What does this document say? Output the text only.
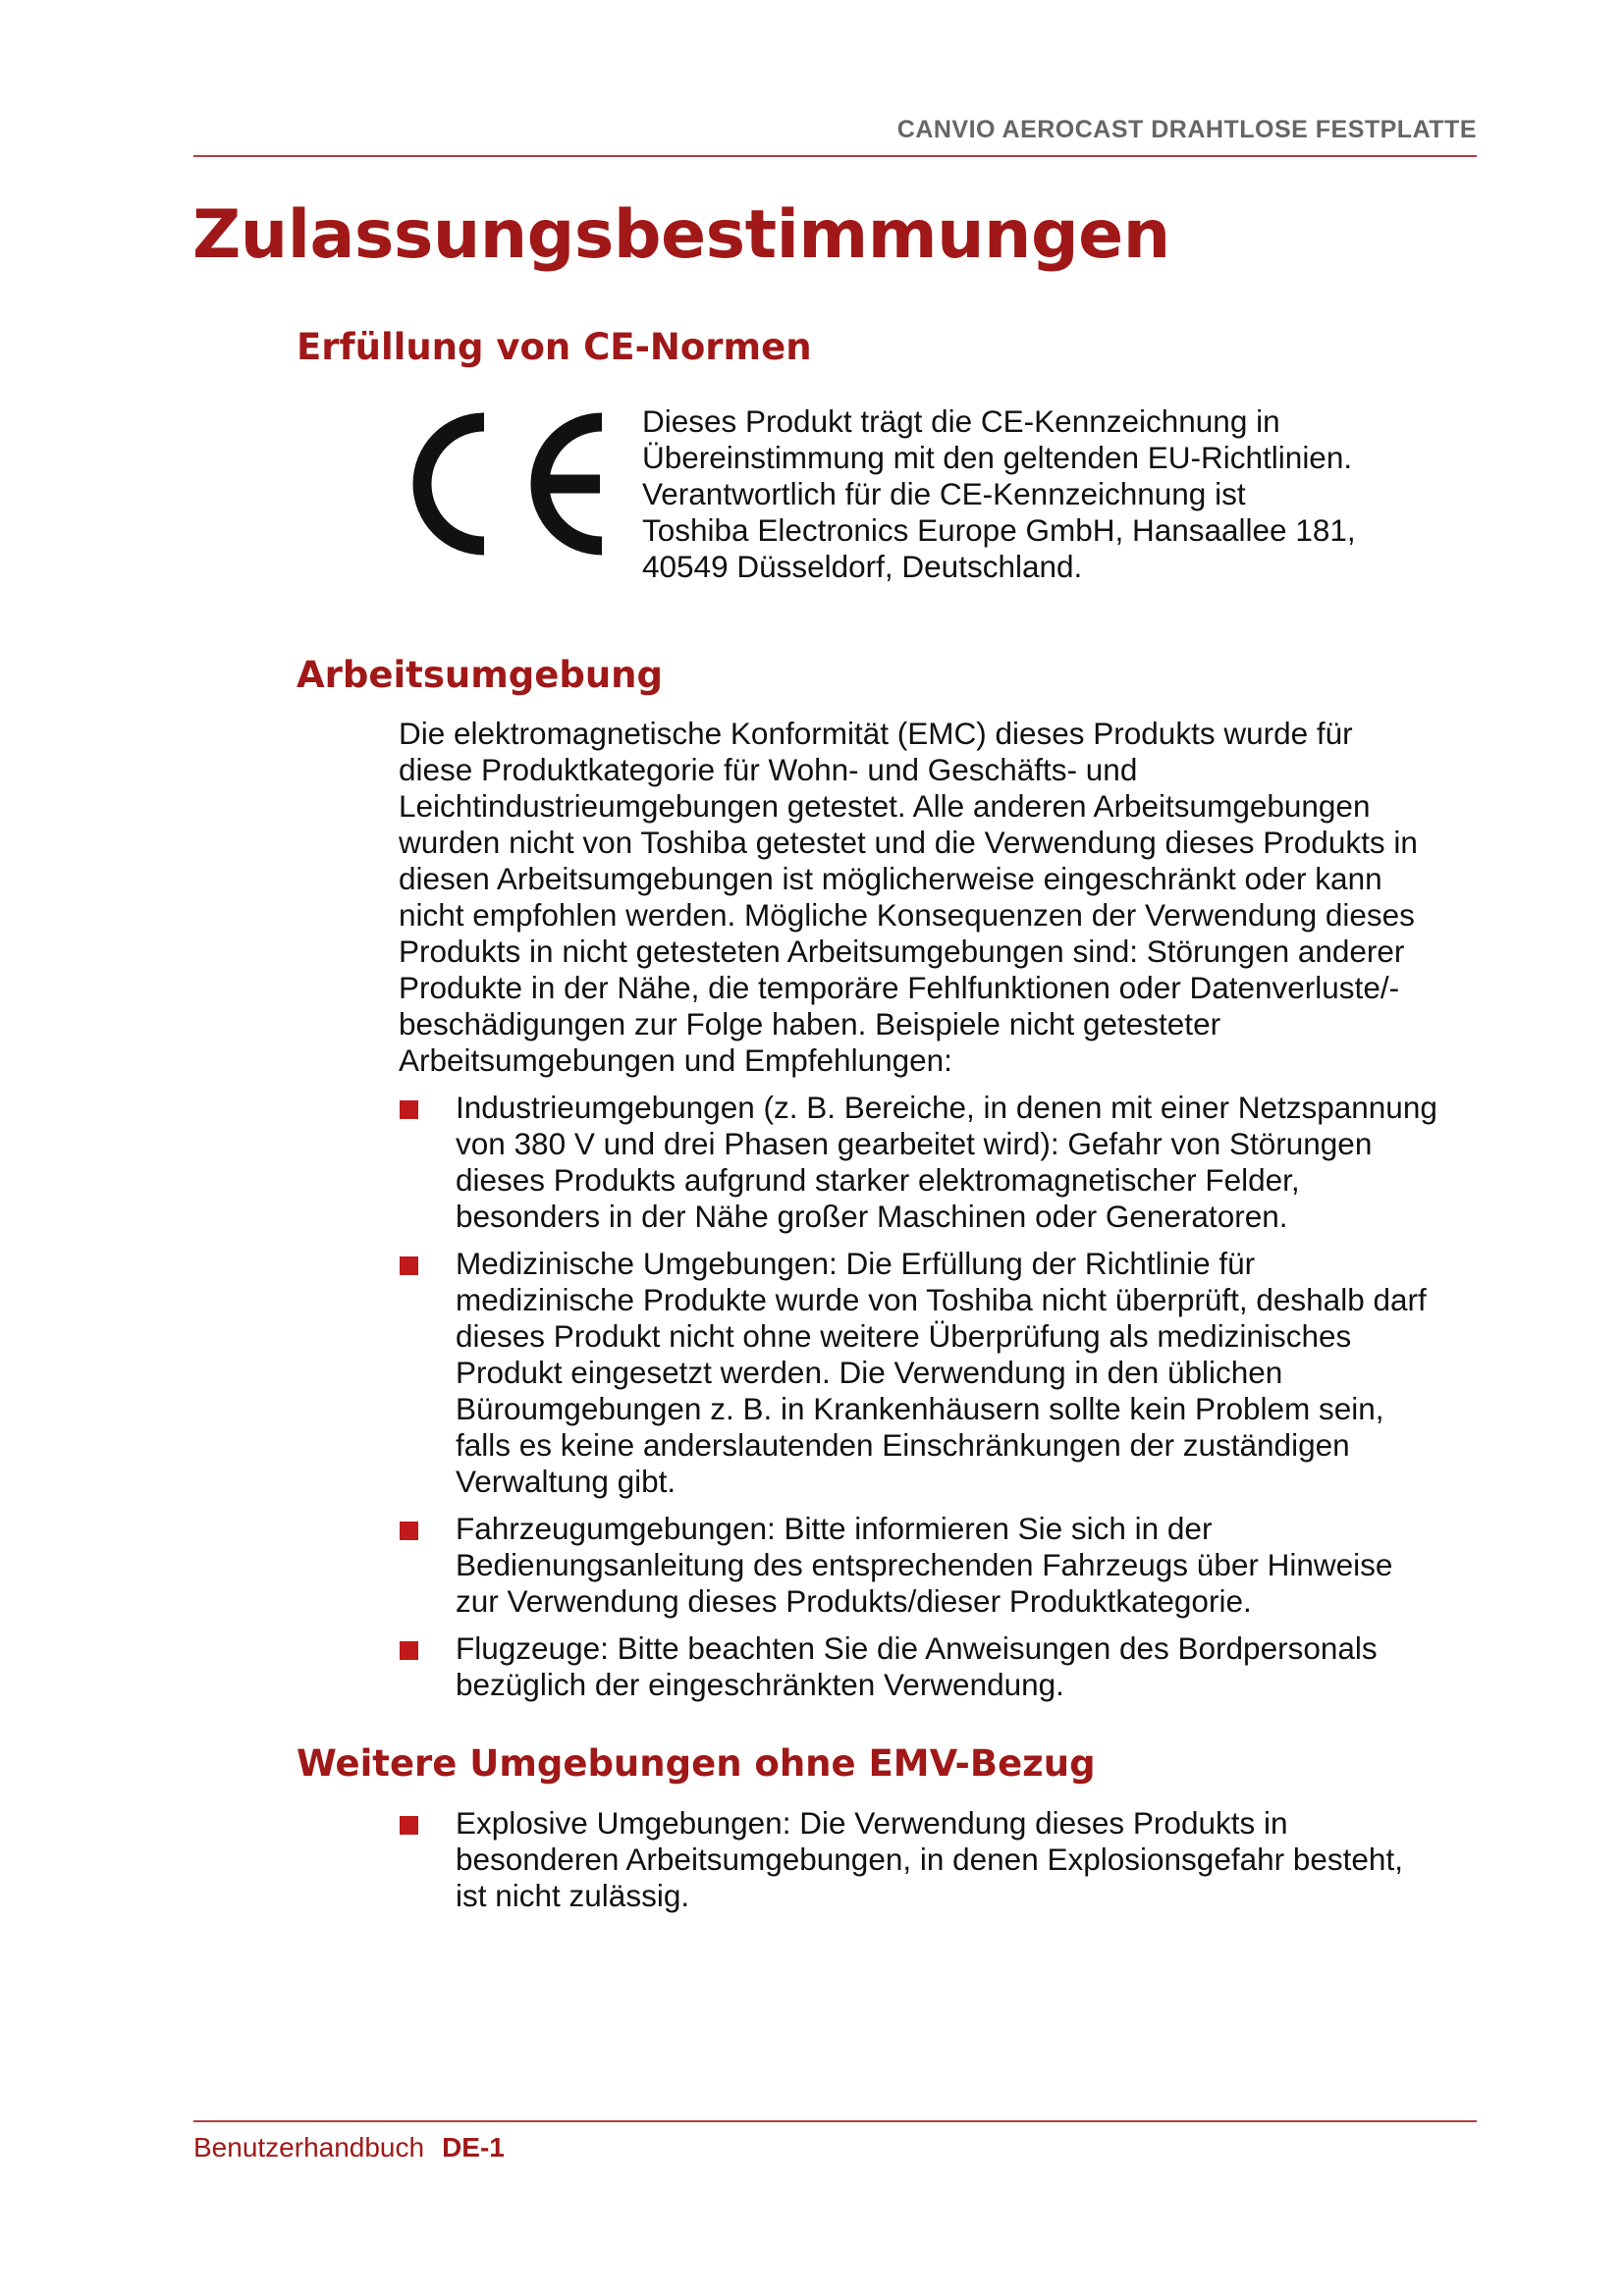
CANVIO AEROCAST DRAHTLOSE FESTPLATTE
Zulassungsbestimmungen
Erfüllung von CE-Normen
Dieses Produkt trägt die CE-Kennzeichnung in
Übereinstimmung mit den geltenden EU-Richtlinien.
Verantwortlich für die CE-Kennzeichnung ist
Toshiba Electronics Europe GmbH, Hansaallee 181,
40549 Düsseldorf, Deutschland.
Arbeitsumgebung
Die elektromagnetische Konformität (EMC) dieses Produkts wurde für
diese Produktkategorie für Wohn- und Geschäfts- und
Leichtindustrieumgebungen getestet. Alle anderen Arbeitsumgebungen
wurden nicht von Toshiba getestet und die Verwendung dieses Produkts in
diesen Arbeitsumgebungen ist möglicherweise eingeschränkt oder kann
nicht empfohlen werden. Mögliche Konsequenzen der Verwendung dieses
Produkts in nicht getesteten Arbeitsumgebungen sind: Störungen anderer
Produkte in der Nähe, die temporäre Fehlfunktionen oder Datenverluste/-
beschädigungen zur Folge haben. Beispiele nicht getesteter
Arbeitsumgebungen und Empfehlungen:
Industrieumgebungen (z. B. Bereiche, in denen mit einer Netzspannung
von 380 V und drei Phasen gearbeitet wird): Gefahr von Störungen
dieses Produkts aufgrund starker elektromagnetischer Felder,
besonders in der Nähe großer Maschinen oder Generatoren.
Medizinische Umgebungen: Die Erfüllung der Richtlinie für
medizinische Produkte wurde von Toshiba nicht überprüft, deshalb darf
dieses Produkt nicht ohne weitere Überprüfung als medizinisches
Produkt eingesetzt werden. Die Verwendung in den üblichen
Büroumgebungen z. B. in Krankenhäusern sollte kein Problem sein,
falls es keine anderslautenden Einschränkungen der zuständigen
Verwaltung gibt.
Fahrzeugumgebungen: Bitte informieren Sie sich in der
Bedienungsanleitung des entsprechenden Fahrzeugs über Hinweise
zur Verwendung dieses Produkts/dieser Produktkategorie.
Flugzeuge: Bitte beachten Sie die Anweisungen des Bordpersonals
bezüglich der eingeschränkten Verwendung.
Weitere Umgebungen ohne EMV-Bezug
Explosive Umgebungen: Die Verwendung dieses Produkts in
besonderen Arbeitsumgebungen, in denen Explosionsgefahr besteht,
ist nicht zulässig.
Benutzerhandbuch DE-1
